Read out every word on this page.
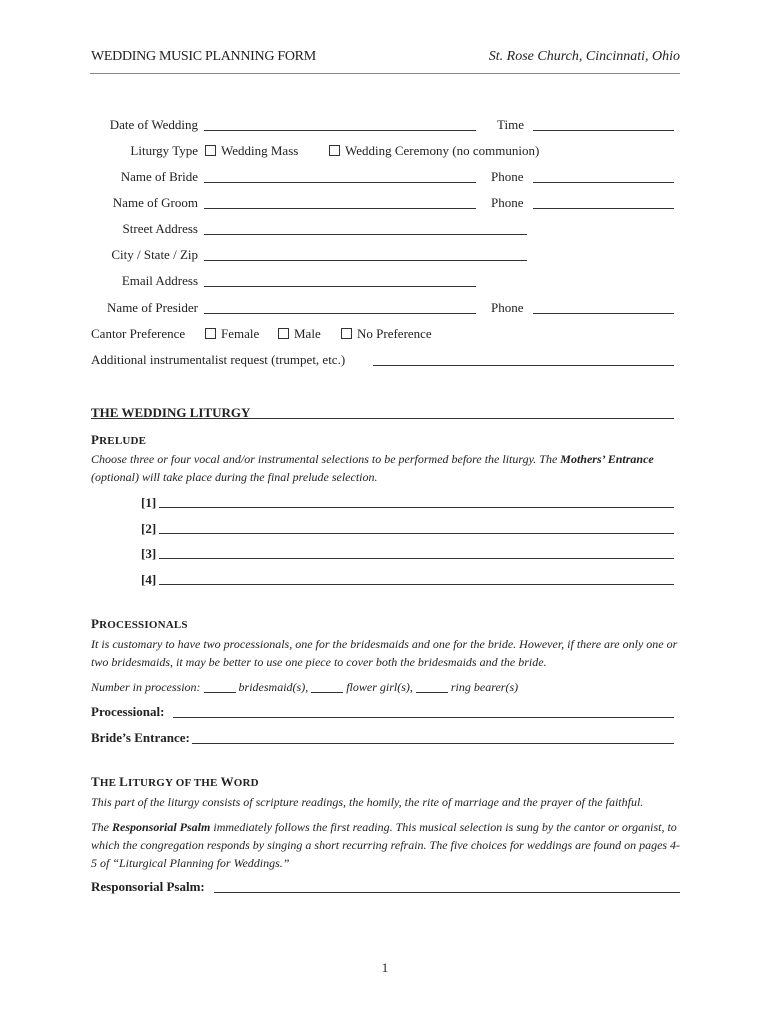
WEDDING MUSIC PLANNING FORM	St. Rose Church, Cincinnati, Ohio
Date of Wedding	Time
Liturgy Type	Wedding Mass	Wedding Ceremony (no communion)
Name of Bride	Phone
Name of Groom	Phone
Street Address
City / State / Zip
Email Address
Name of Presider	Phone
Cantor Preference	Female	Male	No Preference
Additional instrumentalist request (trumpet, etc.)
THE WEDDING LITURGY
PRELUDE
Choose three or four vocal and/or instrumental selections to be performed before the liturgy. The Mothers’ Entrance (optional) will take place during the final prelude selection.
[1]
[2]
[3]
[4]
PROCESSIONALS
It is customary to have two processionals, one for the bridesmaids and one for the bride. However, if there are only one or two bridesmaids, it may be better to use one piece to cover both the bridesmaids and the bride.
Number in procession:	bridesmaid(s),	flower girl(s),	ring bearer(s)
Processional:
Bride’s Entrance:
THE LITURGY OF THE WORD
This part of the liturgy consists of scripture readings, the homily, the rite of marriage and the prayer of the faithful.
The Responsorial Psalm immediately follows the first reading. This musical selection is sung by the cantor or organist, to which the congregation responds by singing a short recurring refrain. The five choices for weddings are found on pages 4-5 of “Liturgical Planning for Weddings.”
Responsorial Psalm:
1
